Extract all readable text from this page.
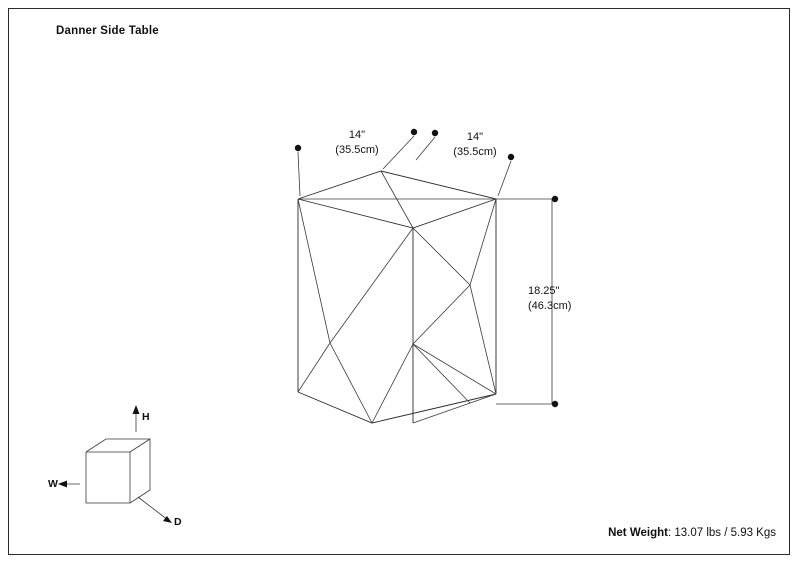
Danner Side Table
14"
(35.5cm)
14"
(35.5cm)
18.25"
(46.3cm)
H
W
D
Net Weight: 13.07 lbs / 5.93 Kgs
